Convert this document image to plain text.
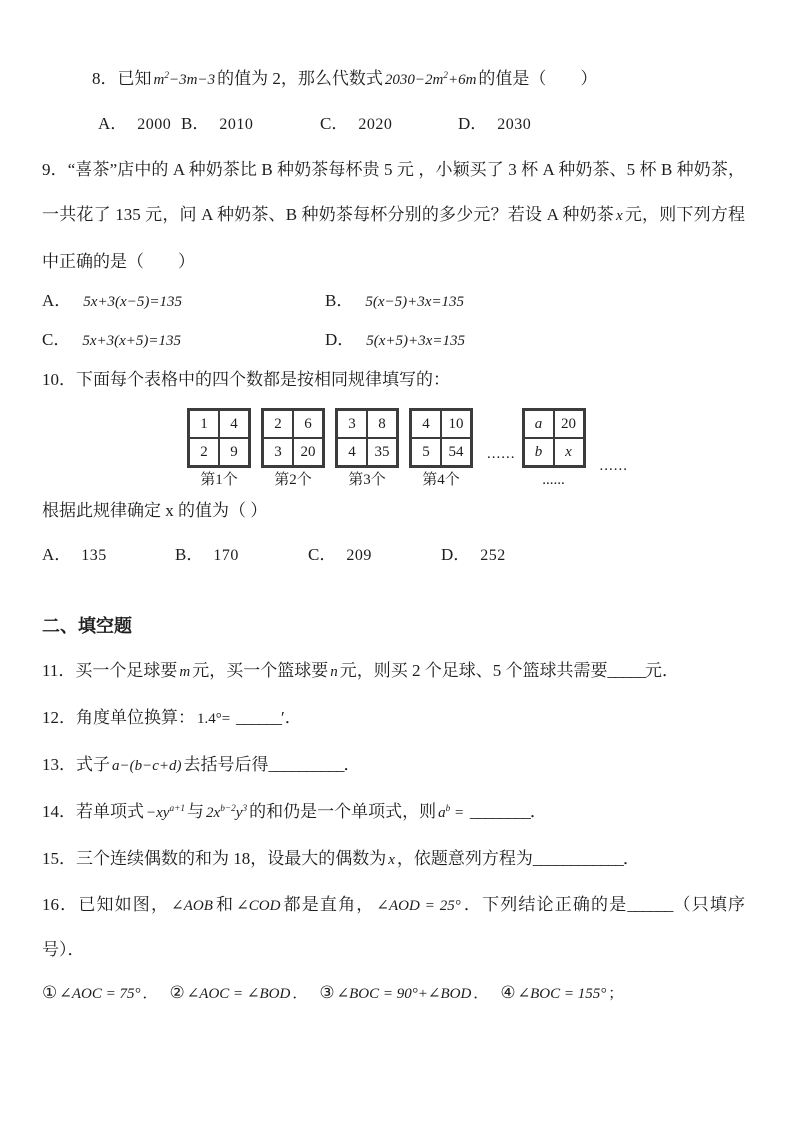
8．已知 $m^2-3m-3$ 的值为 2，那么代数式 $2030-2m^2+6m$ 的值是（　　）
A． 2000 B． 2010	C． 2020	D． 2030
9．“喜茶”店中的 A 种奶茶比 B 种奶茶每杯贵 5 元 ，小颖买了 3 杯 A 种奶茶、5 杯 B 种奶茶，一共花了 135 元，问 A 种奶茶、B 种奶茶每杯分别的多少元？若设 A 种奶茶 x 元，则下列方程中正确的是（　　）
A． 5x+3(x−5)=135	B． 5(x−5)+3x=135
C． 5x+3(x+5)=135	D． 5(x+5)+3x=135
10．下面每个表格中的四个数都是按相同规律填写的：
1	4
2	9
第1个
2	6
3	20
第2个
3	8
4	35
第3个
4	10
5	54
第4个
......
a	20
b	x
......
......
根据此规律确定 x 的值为（ ）
A． 135	B． 170	C． 209	D． 252
二、填空题
11．买一个足球要 m 元，买一个篮球要 n 元，则买 2 个足球、5 个篮球共需要_____元．
12．角度单位换算： 1.4°= ______′．
13．式子 a−(b−c+d) 去括号后得__________．
14．若单项式 $-xy^{a+1}$ 与 $2x^{b-2}y^3$ 的和仍是一个单项式，则 $a^b$ = ________．
15．三个连续偶数的和为 18，设最大的偶数为 x ，依题意列方程为____________．
16．已知如图， ∠AOB 和 ∠COD 都是直角， ∠AOD = 25° ．下列结论正确的是______（只填序号）．
① ∠AOC = 75° ． ② ∠AOC = ∠BOD ． ③ ∠BOC = 90°+∠BOD ． ④ ∠BOC = 155° ；
